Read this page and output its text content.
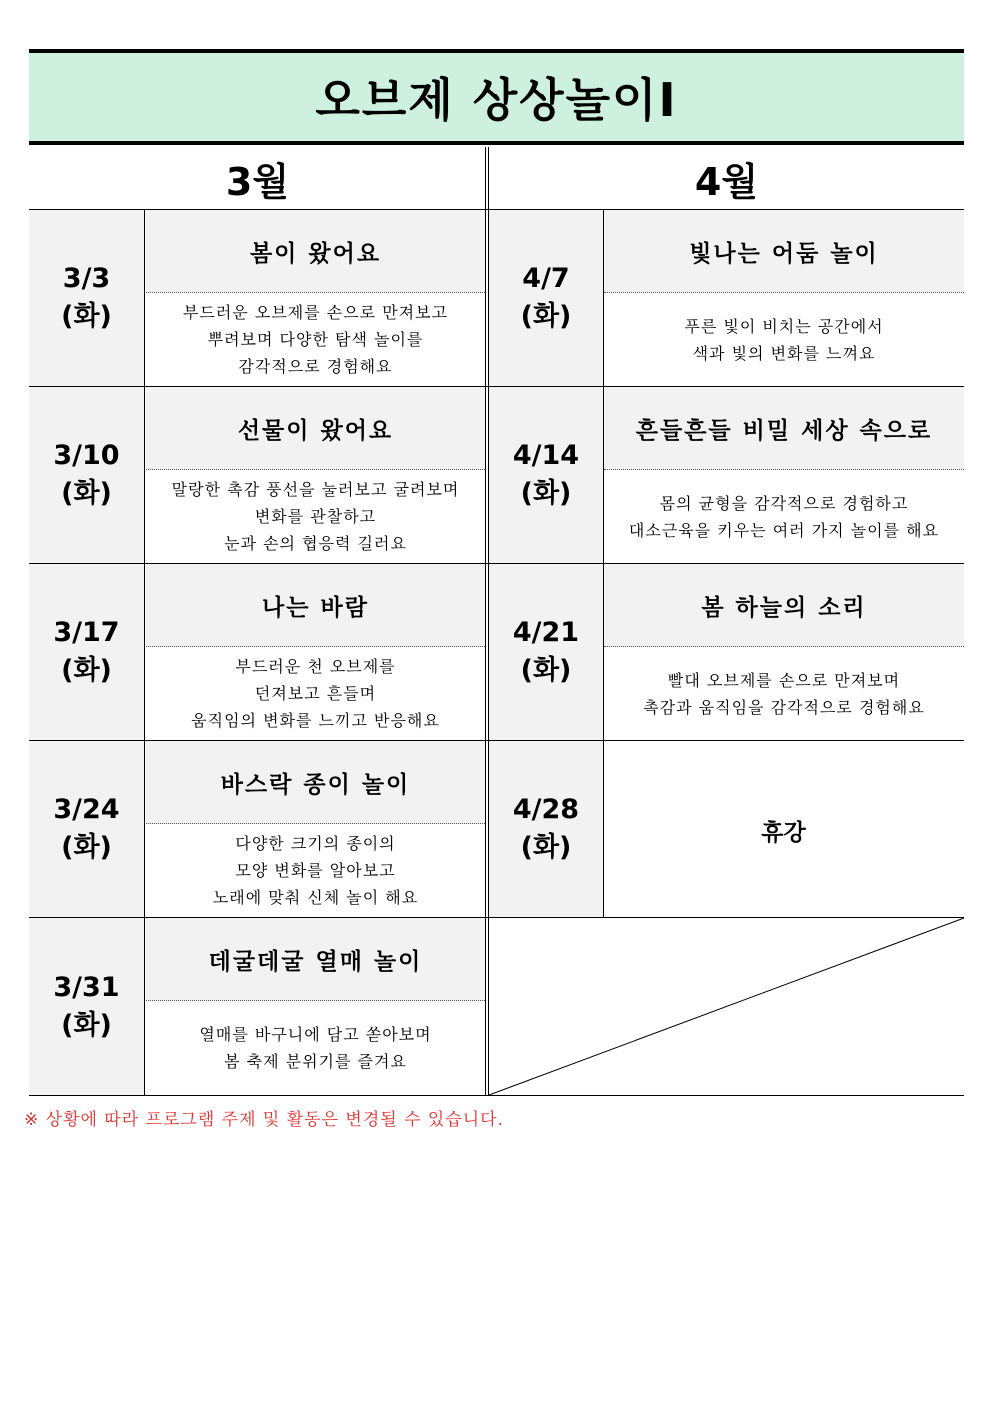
오브제 상상놀이Ⅰ
3월	4월
3/3
(화)
봄이 왔어요
부드러운 오브제를 손으로 만져보고
뿌려보며 다양한 탐색 놀이를
감각적으로 경험해요
3/10
(화)
선물이 왔어요
말랑한 촉감 풍선을 눌러보고 굴려보며
변화를 관찰하고
눈과 손의 협응력 길러요
3/17
(화)
나는 바람
부드러운 천 오브제를
던져보고 흔들며
움직임의 변화를 느끼고 반응해요
3/24
(화)
바스락 종이 놀이
다양한 크기의 종이의
모양 변화를 알아보고
노래에 맞춰 신체 놀이 해요
3/31
(화)
데굴데굴 열매 놀이
열매를 바구니에 담고 쏟아보며
봄 축제 분위기를 즐겨요
4/7
(화)
빛나는 어둠 놀이
푸른 빛이 비치는 공간에서
색과 빛의 변화를 느껴요
4/14
(화)
흔들흔들 비밀 세상 속으로
몸의 균형을 감각적으로 경험하고
대소근육을 키우는 여러 가지 놀이를 해요
4/21
(화)
봄 하늘의 소리
빨대 오브제를 손으로 만져보며
촉감과 움직임을 감각적으로 경험해요
4/28
(화)	휴강
※ 상황에 따라 프로그램 주제 및 활동은 변경될 수 있습니다.
